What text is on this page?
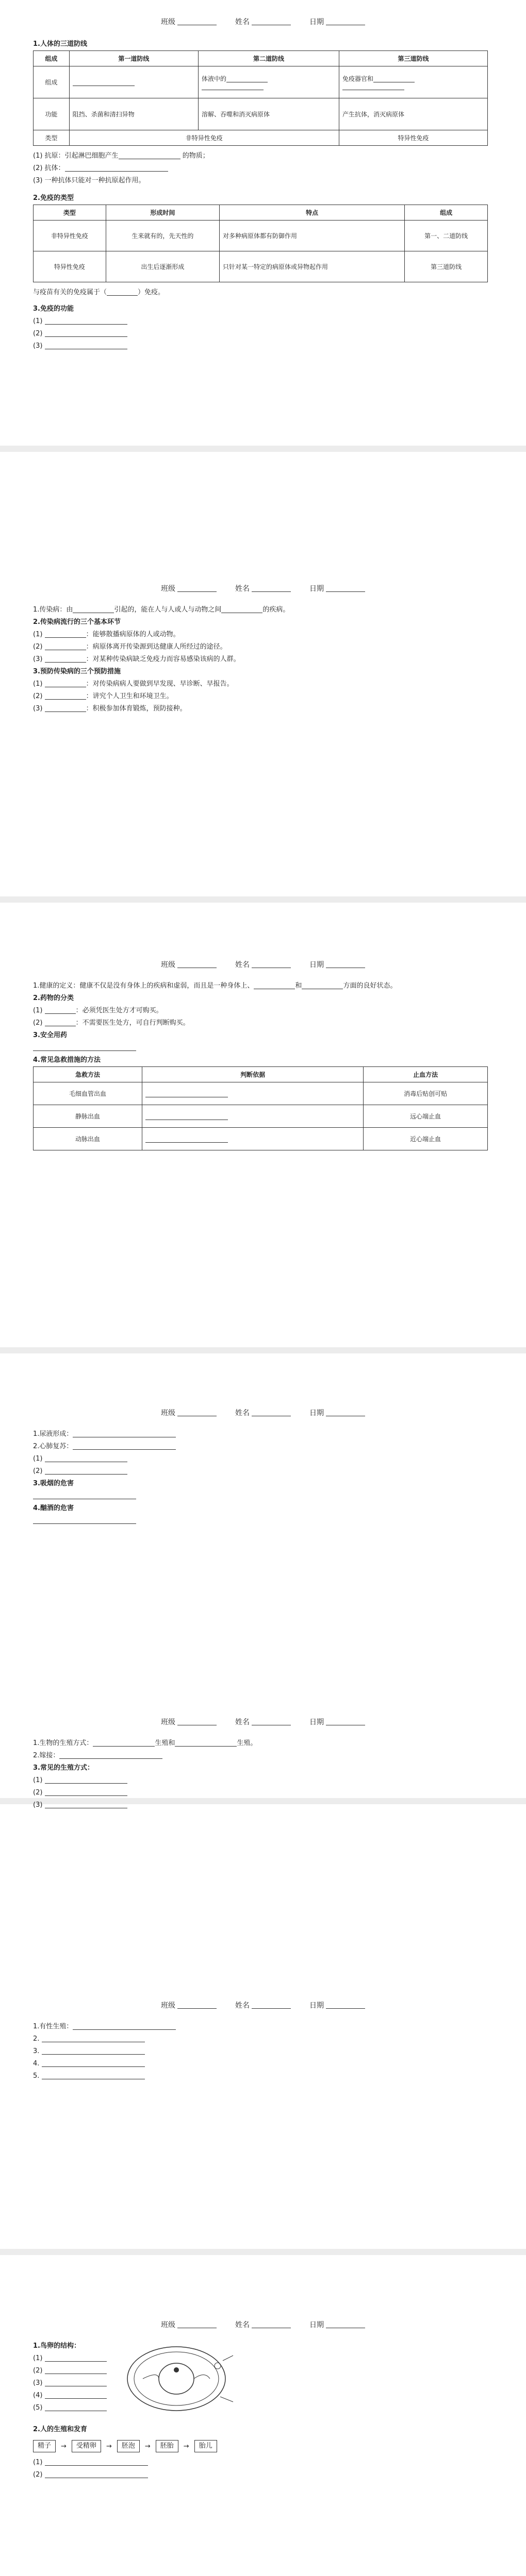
班级	姓名	日期
1.人体的三道防线
组成	第一道防线	第二道防线	第三道防线
组成		体液中的	免疫器官和

功能	阻挡、杀菌和清扫异物	溶解、吞噬和消灭病原体	产生抗体，消灭病原体
类型	非特异性免疫		特异性免疫
(1) 抗原：引起淋巴细胞产生	的物质；
(2) 抗体：
(3) 一种抗体只能对一种抗原起作用。
2.免疫的类型
类型	形成时间	特点	组成
非特异性免疫	生来就有的，先天性的	对多种病原体都有防御作用	第一、二道防线
特异性免疫	出生后逐渐形成	只针对某一特定的病原体或异物起作用	第三道防线
与疫苗有关的免疫属于（	）免疫。
3.免疫的功能
(1)
(2)
(3)
班级	姓名	日期
1.传染病：由	引起的，能在人与人或人与动物之间	的疾病。
2.传染病流行的三个基本环节
(1)	：能够散播病原体的人或动物。
(2)	：病原体离开传染源到达健康人所经过的途径。
(3)	：对某种传染病缺乏免疫力而容易感染该病的人群。
3.预防传染病的三个预防措施
(1)	：对传染病病人要做到早发现、早诊断、早报告。
(2)	：讲究个人卫生和环境卫生。
(3)	：积极参加体育锻炼，预防接种。
班级	姓名	日期
1.健康的定义：健康不仅是没有身体上的疾病和虚弱，而且是一种身体上、	和	方面的良好状态。
2.药物的分类
(1)	：必须凭医生处方才可购买。
(2)	：不需要医生处方，可自行判断购买。
3.安全用药
4.常见急救措施的方法
急救方法	判断依据	止血方法
毛细血管出血		消毒后贴创可贴
静脉出血		远心端止血
动脉出血		近心端止血
班级	姓名	日期
1.尿液形成：
2.心肺复苏：
(1)
(2)
3.吸烟的危害
4.酗酒的危害
班级	姓名	日期
1.生物的生殖方式：	生殖和	生殖。
2.嫁接：
3.常见的生殖方式：
(1)
(2)
(3)
班级	姓名	日期
1.有性生殖：
2.
3.
4.
5.
班级	姓名	日期
1.鸟卵的结构：
(1)
(2)
(3)
(4)
(5)
2.人的生殖和发育
精子	→	受精卵	→	胚泡	→	胚胎	→	胎儿
(1)
(2)
